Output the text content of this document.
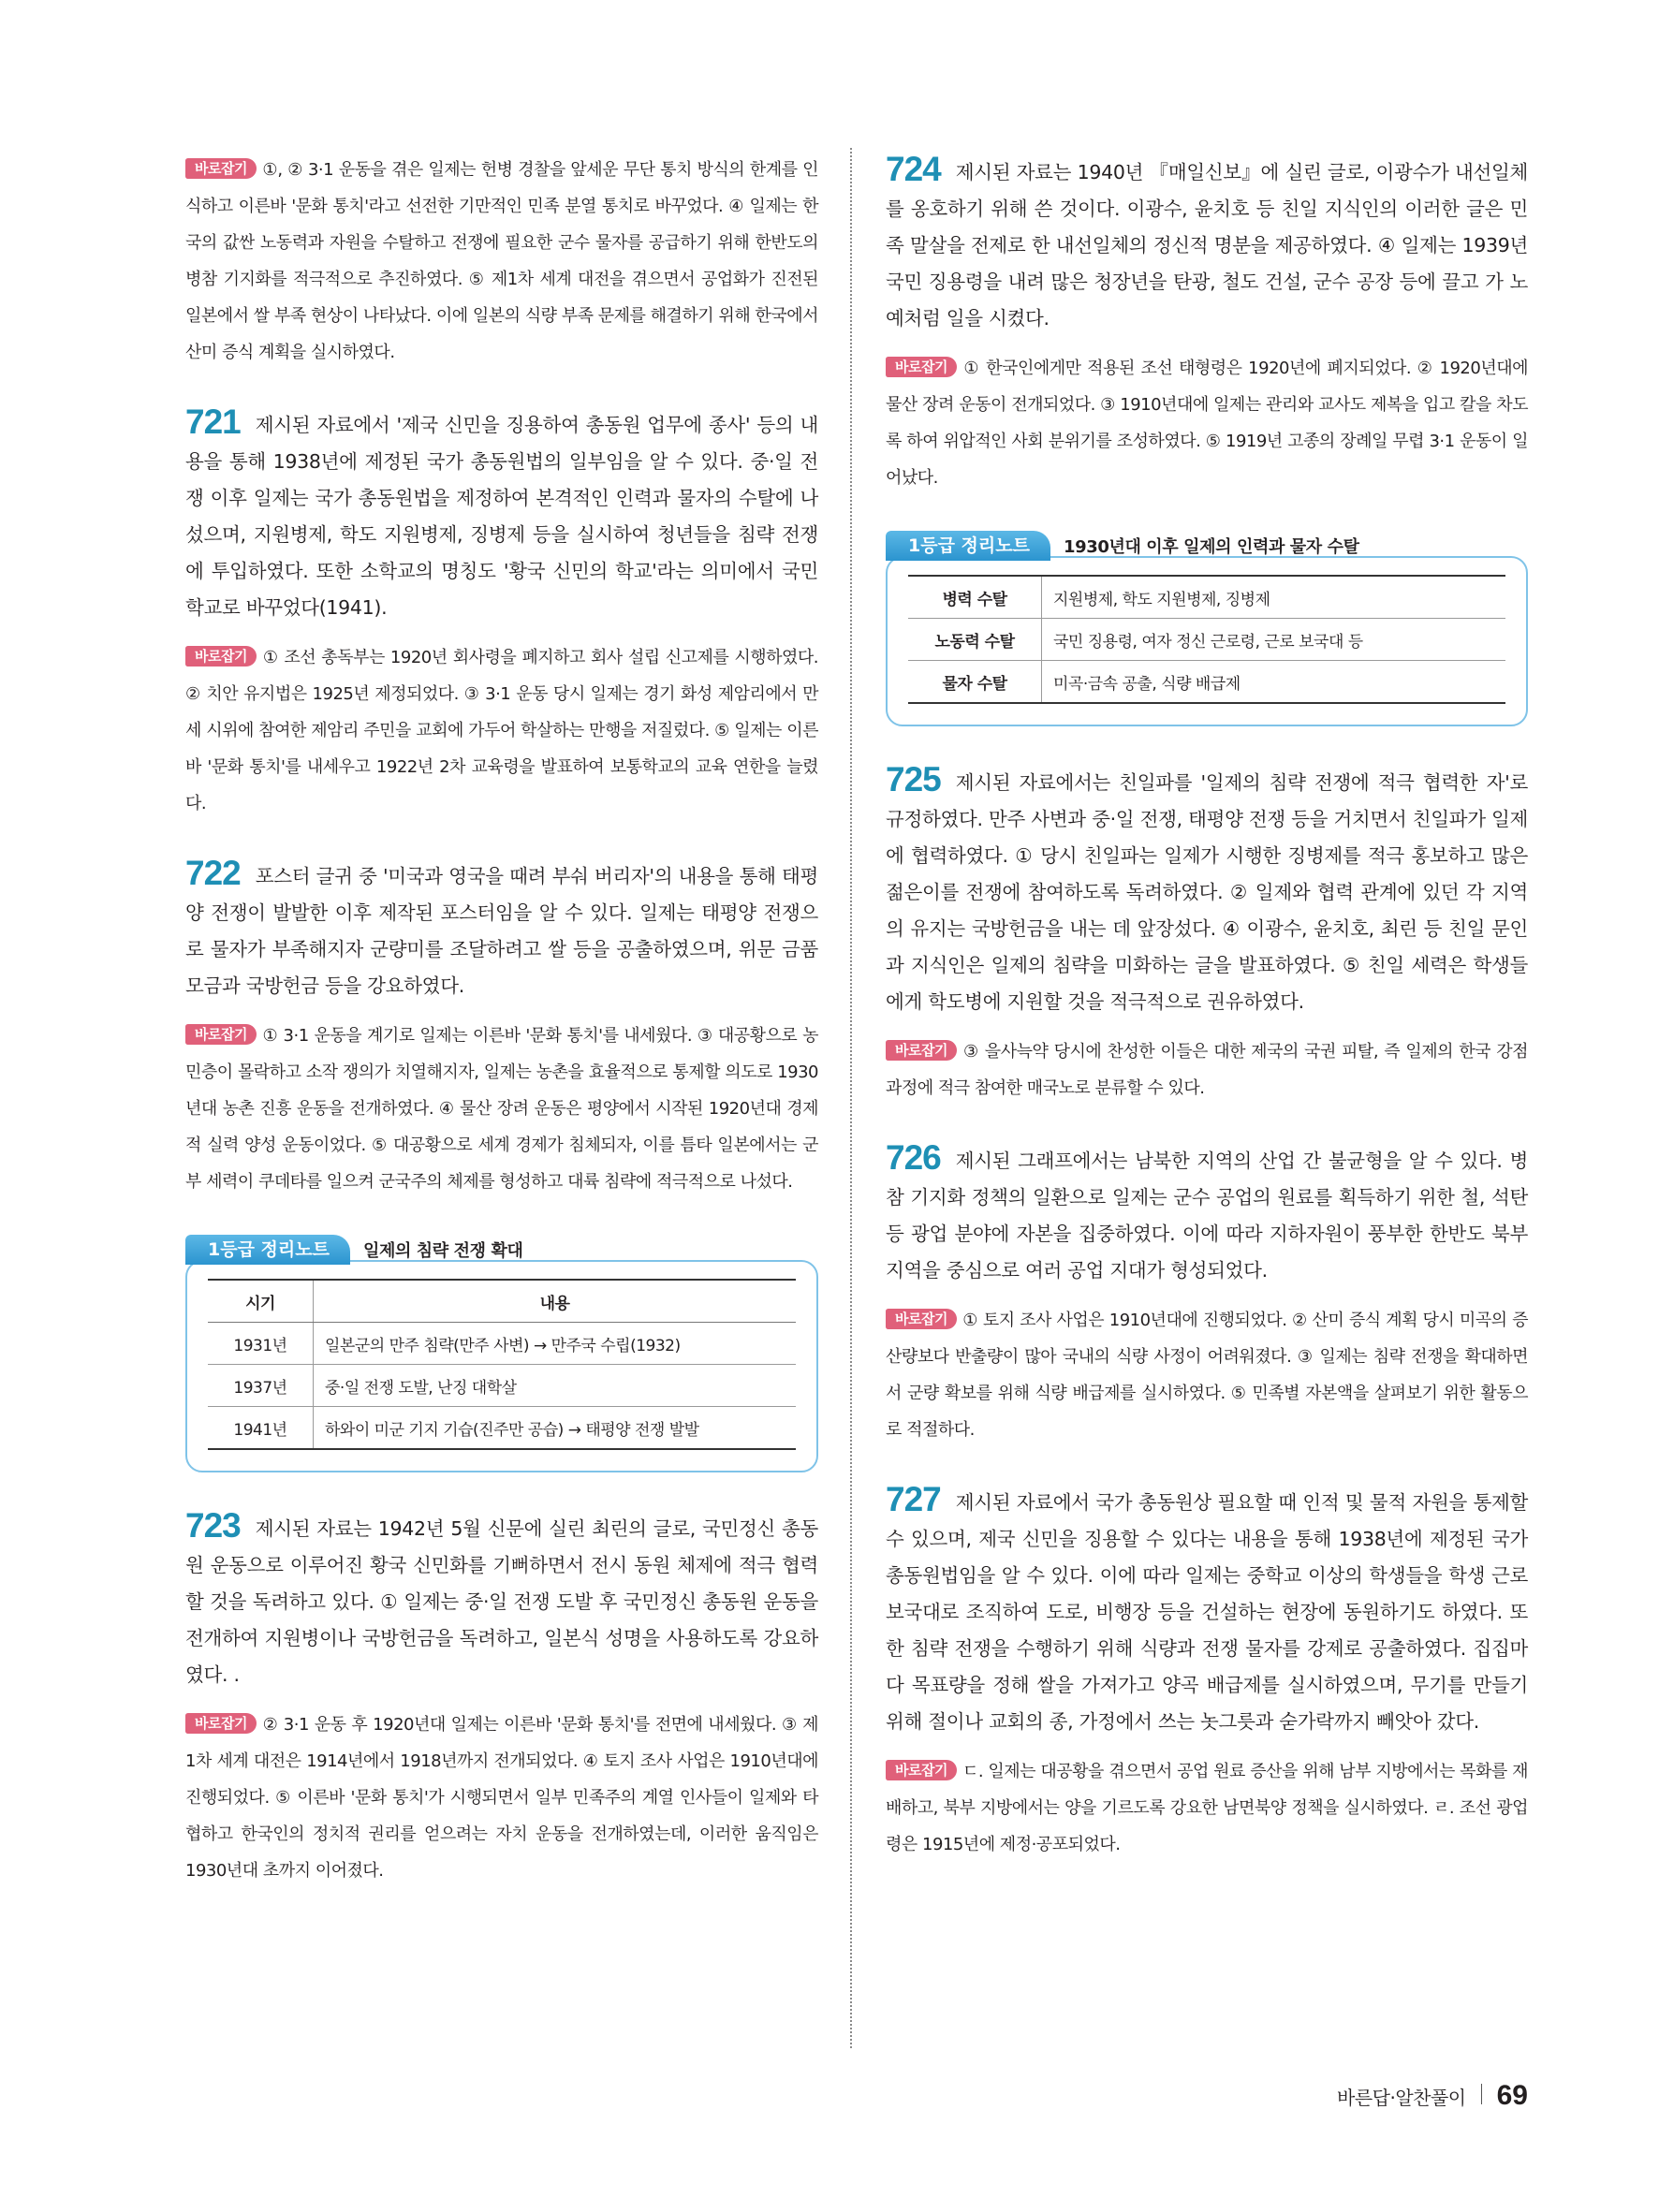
바로잡기 ①, ② 3·1 운동을 겪은 일제는 헌병 경찰을 앞세운 무단 통치 방식의 한계를 인식하고 이른바 '문화 통치'라고 선전한 기만적인 민족 분열 통치로 바꾸었다. ④ 일제는 한국의 값싼 노동력과 자원을 수탈하고 전쟁에 필요한 군수 물자를 공급하기 위해 한반도의 병참 기지화를 적극적으로 추진하였다. ⑤ 제1차 세계 대전을 겪으면서 공업화가 진전된 일본에서 쌀 부족 현상이 나타났다. 이에 일본의 식량 부족 문제를 해결하기 위해 한국에서 산미 증식 계획을 실시하였다.

721 제시된 자료에서 '제국 신민을 징용하여 총동원 업무에 종사' 등의 내용을 통해 1938년에 제정된 국가 총동원법의 일부임을 알 수 있다. 중·일 전쟁 이후 일제는 국가 총동원법을 제정하여 본격적인 인력과 물자의 수탈에 나섰으며, 지원병제, 학도 지원병제, 징병제 등을 실시하여 청년들을 침략 전쟁에 투입하였다. 또한 소학교의 명칭도 '황국 신민의 학교'라는 의미에서 국민학교로 바꾸었다(1941).

바로잡기 ① 조선 총독부는 1920년 회사령을 폐지하고 회사 설립 신고제를 시행하였다. ② 치안 유지법은 1925년 제정되었다. ③ 3·1 운동 당시 일제는 경기 화성 제암리에서 만세 시위에 참여한 제암리 주민을 교회에 가두어 학살하는 만행을 저질렀다. ⑤ 일제는 이른바 '문화 통치'를 내세우고 1922년 2차 교육령을 발표하여 보통학교의 교육 연한을 늘렸다.

722 포스터 글귀 중 '미국과 영국을 때려 부숴 버리자'의 내용을 통해 태평양 전쟁이 발발한 이후 제작된 포스터임을 알 수 있다. 일제는 태평양 전쟁으로 물자가 부족해지자 군량미를 조달하려고 쌀 등을 공출하였으며, 위문 금품 모금과 국방헌금 등을 강요하였다.

바로잡기 ① 3·1 운동을 계기로 일제는 이른바 '문화 통치'를 내세웠다. ③ 대공황으로 농민층이 몰락하고 소작 쟁의가 치열해지자, 일제는 농촌을 효율적으로 통제할 의도로 1930년대 농촌 진흥 운동을 전개하였다. ④ 물산 장려 운동은 평양에서 시작된 1920년대 경제적 실력 양성 운동이었다. ⑤ 대공황으로 세계 경제가 침체되자, 이를 틈타 일본에서는 군부 세력이 쿠데타를 일으켜 군국주의 체제를 형성하고 대륙 침략에 적극적으로 나섰다.

1등급 정리노트	일제의 침략 전쟁 확대
시기	내용
1931년	일본군의 만주 침략(만주 사변) → 만주국 수립(1932)
1937년	중·일 전쟁 도발, 난징 대학살
1941년	하와이 미군 기지 기습(진주만 공습) → 태평양 전쟁 발발

723 제시된 자료는 1942년 5월 신문에 실린 최린의 글로, 국민정신 총동원 운동으로 이루어진 황국 신민화를 기뻐하면서 전시 동원 체제에 적극 협력할 것을 독려하고 있다. ① 일제는 중·일 전쟁 도발 후 국민정신 총동원 운동을 전개하여 지원병이나 국방헌금을 독려하고, 일본식 성명을 사용하도록 강요하였다. .

바로잡기 ② 3·1 운동 후 1920년대 일제는 이른바 '문화 통치'를 전면에 내세웠다. ③ 제1차 세계 대전은 1914년에서 1918년까지 전개되었다. ④ 토지 조사 사업은 1910년대에 진행되었다. ⑤ 이른바 '문화 통치'가 시행되면서 일부 민족주의 계열 인사들이 일제와 타협하고 한국인의 정치적 권리를 얻으려는 자치 운동을 전개하였는데, 이러한 움직임은 1930년대 초까지 이어졌다.

724 제시된 자료는 1940년 『매일신보』에 실린 글로, 이광수가 내선일체를 옹호하기 위해 쓴 것이다. 이광수, 윤치호 등 친일 지식인의 이러한 글은 민족 말살을 전제로 한 내선일체의 정신적 명분을 제공하였다. ④ 일제는 1939년 국민 징용령을 내려 많은 청장년을 탄광, 철도 건설, 군수 공장 등에 끌고 가 노예처럼 일을 시켰다.

바로잡기 ① 한국인에게만 적용된 조선 태형령은 1920년에 폐지되었다. ② 1920년대에 물산 장려 운동이 전개되었다. ③ 1910년대에 일제는 관리와 교사도 제복을 입고 칼을 차도록 하여 위압적인 사회 분위기를 조성하였다. ⑤ 1919년 고종의 장례일 무렵 3·1 운동이 일어났다.

1등급 정리노트	1930년대 이후 일제의 인력과 물자 수탈
병력 수탈	지원병제, 학도 지원병제, 징병제
노동력 수탈	국민 징용령, 여자 정신 근로령, 근로 보국대 등
물자 수탈	미곡·금속 공출, 식량 배급제

725 제시된 자료에서는 친일파를 '일제의 침략 전쟁에 적극 협력한 자'로 규정하였다. 만주 사변과 중·일 전쟁, 태평양 전쟁 등을 거치면서 친일파가 일제에 협력하였다. ① 당시 친일파는 일제가 시행한 징병제를 적극 홍보하고 많은 젊은이를 전쟁에 참여하도록 독려하였다. ② 일제와 협력 관계에 있던 각 지역의 유지는 국방헌금을 내는 데 앞장섰다. ④ 이광수, 윤치호, 최린 등 친일 문인과 지식인은 일제의 침략을 미화하는 글을 발표하였다. ⑤ 친일 세력은 학생들에게 학도병에 지원할 것을 적극적으로 권유하였다.

바로잡기 ③ 을사늑약 당시에 찬성한 이들은 대한 제국의 국권 피탈, 즉 일제의 한국 강점 과정에 적극 참여한 매국노로 분류할 수 있다.

726 제시된 그래프에서는 남북한 지역의 산업 간 불균형을 알 수 있다. 병참 기지화 정책의 일환으로 일제는 군수 공업의 원료를 획득하기 위한 철, 석탄 등 광업 분야에 자본을 집중하였다. 이에 따라 지하자원이 풍부한 한반도 북부 지역을 중심으로 여러 공업 지대가 형성되었다.

바로잡기 ① 토지 조사 사업은 1910년대에 진행되었다. ② 산미 증식 계획 당시 미곡의 증산량보다 반출량이 많아 국내의 식량 사정이 어려워졌다. ③ 일제는 침략 전쟁을 확대하면서 군량 확보를 위해 식량 배급제를 실시하였다. ⑤ 민족별 자본액을 살펴보기 위한 활동으로 적절하다.

727 제시된 자료에서 국가 총동원상 필요할 때 인적 및 물적 자원을 통제할 수 있으며, 제국 신민을 징용할 수 있다는 내용을 통해 1938년에 제정된 국가 총동원법임을 알 수 있다. 이에 따라 일제는 중학교 이상의 학생들을 학생 근로 보국대로 조직하여 도로, 비행장 등을 건설하는 현장에 동원하기도 하였다. 또한 침략 전쟁을 수행하기 위해 식량과 전쟁 물자를 강제로 공출하였다. 집집마다 목표량을 정해 쌀을 가져가고 양곡 배급제를 실시하였으며, 무기를 만들기 위해 절이나 교회의 종, 가정에서 쓰는 놋그릇과 숟가락까지 빼앗아 갔다.

바로잡기 ㄷ. 일제는 대공황을 겪으면서 공업 원료 증산을 위해 남부 지방에서는 목화를 재배하고, 북부 지방에서는 양을 기르도록 강요한 남면북양 정책을 실시하였다. ㄹ. 조선 광업령은 1915년에 제정·공포되었다.

바른답·알찬풀이 69
